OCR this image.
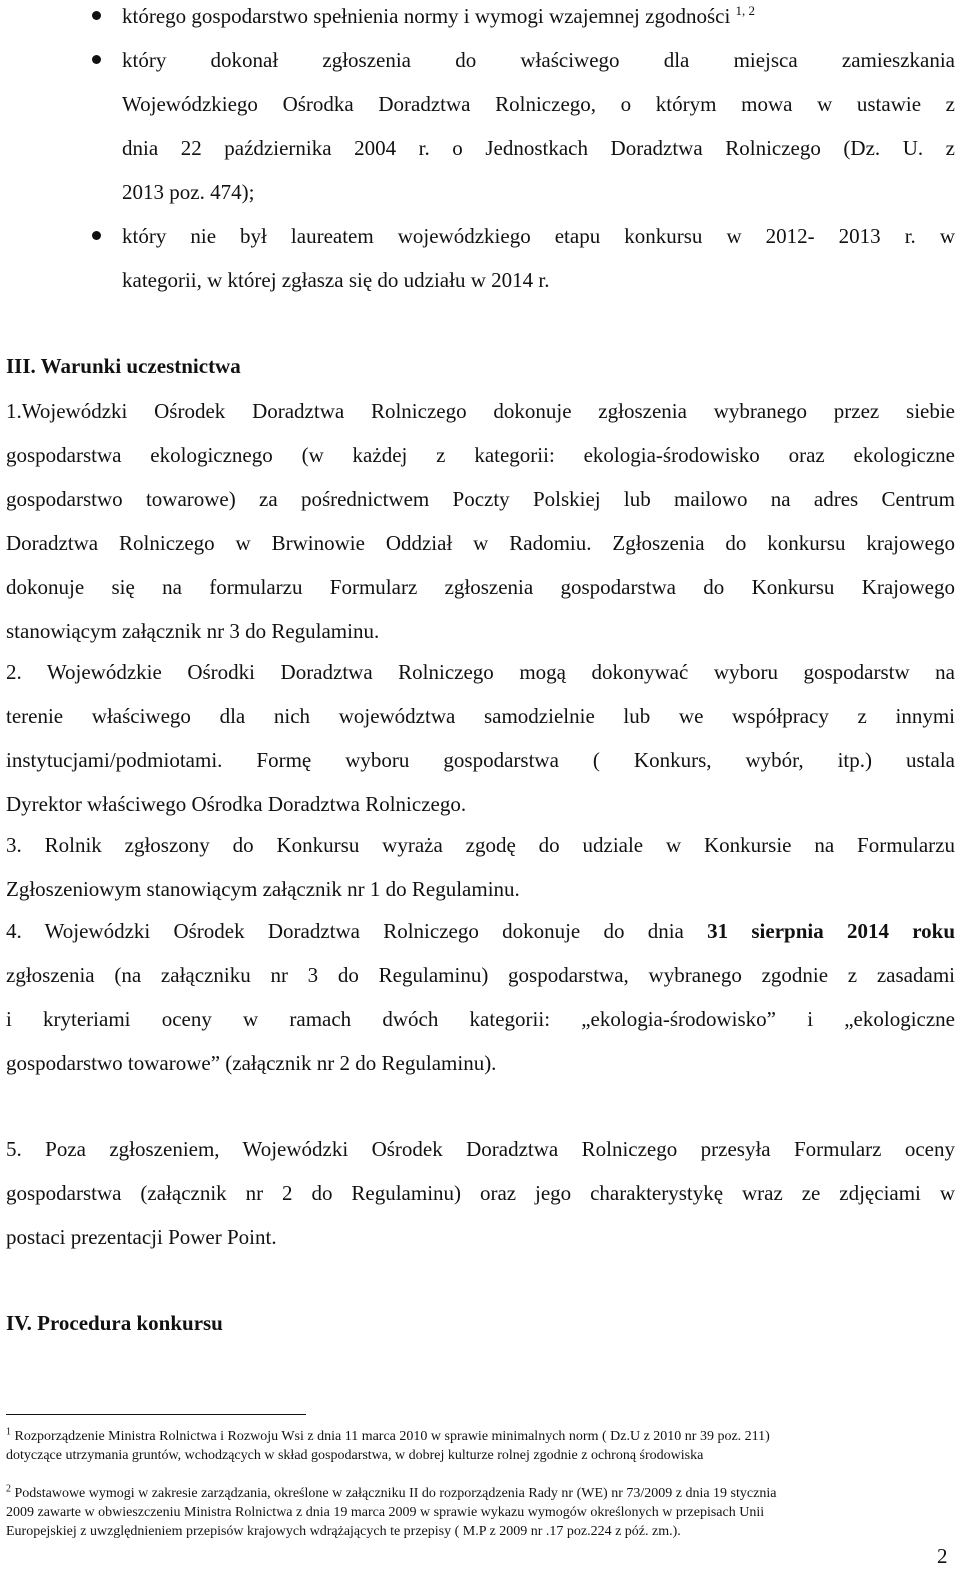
którego gospodarstwo spełnienia normy i wymogi wzajemnej zgodności $^{1, 2}$
który dokonał zgłoszenia do właściwego dla miejsca zamieszkania
Wojewódzkiego Ośrodka Doradztwa Rolniczego, o którym mowa w ustawie z
dnia 22 października 2004 r. o Jednostkach Doradztwa Rolniczego (Dz. U. z
2013 poz. 474);
który nie był laureatem wojewódzkiego etapu konkursu w 2012- 2013 r. w
kategorii, w której zgłasza się do udziału w 2014 r.
III. Warunki uczestnictwa
1.Wojewódzki Ośrodek Doradztwa Rolniczego dokonuje zgłoszenia wybranego przez siebie
gospodarstwa ekologicznego (w każdej z kategorii: ekologia-środowisko oraz ekologiczne
gospodarstwo towarowe) za pośrednictwem Poczty Polskiej lub mailowo na adres Centrum
Doradztwa Rolniczego w Brwinowie Oddział w Radomiu. Zgłoszenia do konkursu krajowego
dokonuje się na formularzu Formularz zgłoszenia gospodarstwa do Konkursu Krajowego
stanowiącym załącznik nr 3 do Regulaminu.
2. Wojewódzkie Ośrodki Doradztwa Rolniczego mogą dokonywać wyboru gospodarstw na
terenie właściwego dla nich województwa samodzielnie lub we współpracy z innymi
instytucjami/podmiotami. Formę wyboru gospodarstwa ( Konkurs, wybór, itp.) ustala
Dyrektor właściwego Ośrodka Doradztwa Rolniczego.
3. Rolnik zgłoszony do Konkursu wyraża zgodę do udziale w Konkursie na Formularzu
Zgłoszeniowym stanowiącym załącznik nr 1 do Regulaminu.
4. Wojewódzki Ośrodek Doradztwa Rolniczego dokonuje do dnia 31 sierpnia 2014 roku
zgłoszenia (na załączniku nr 3 do Regulaminu) gospodarstwa, wybranego zgodnie z zasadami
i kryteriami oceny w ramach dwóch kategorii: „ekologia-środowisko” i „ekologiczne
gospodarstwo towarowe” (załącznik nr 2 do Regulaminu).
5. Poza zgłoszeniem, Wojewódzki Ośrodek Doradztwa Rolniczego przesyła Formularz oceny
gospodarstwa (załącznik nr 2 do Regulaminu) oraz jego charakterystykę wraz ze zdjęciami w
postaci prezentacji Power Point.
IV. Procedura konkursu
$^1$ Rozporządzenie Ministra Rolnictwa i Rozwoju Wsi z dnia 11 marca 2010 w sprawie minimalnych norm ( Dz.U z 2010 nr 39 poz. 211)
dotyczące utrzymania gruntów, wchodzących w skład gospodarstwa, w dobrej kulturze rolnej zgodnie z ochroną środowiska
$^2$ Podstawowe wymogi w zakresie zarządzania, określone w załączniku II do rozporządzenia Rady nr (WE) nr 73/2009 z dnia 19 stycznia
2009 zawarte w obwieszczeniu Ministra Rolnictwa z dnia 19 marca 2009 w sprawie wykazu wymogów określonych w przepisach Unii
Europejskiej z uwzględnieniem przepisów krajowych wdrążających te przepisy ( M.P z 2009 nr .17 poz.224 z póź. zm.).
2
